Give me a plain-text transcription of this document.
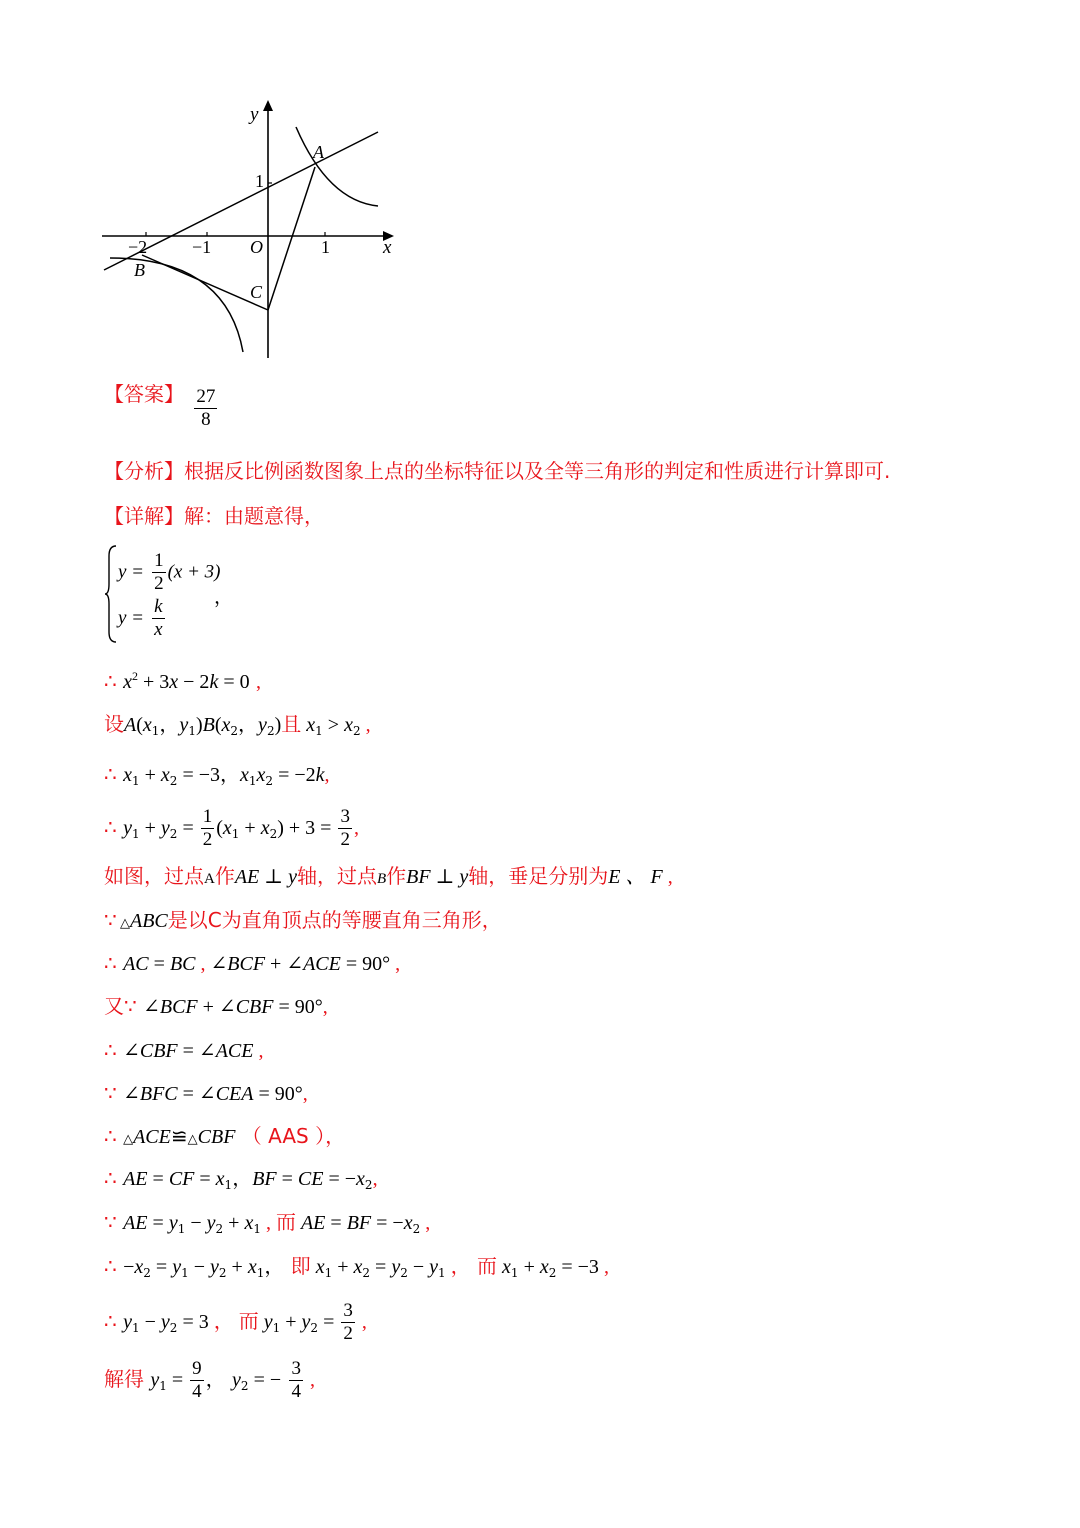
y
x
O
−2 −1	1
1
A
B
C
【答案】 $\frac{27}{8}$
【分析】根据反比例函数图象上点的坐标特征以及全等三角形的判定和性质进行计算即可.
【详解】解：由题意得，
$y = \frac{1}{2} (x + 3)$
$y = \frac{k}{x}$	，
∴ $x^2 + 3x - 2k = 0$ ,
设$A(x_1$，$y_1)B(x_2$，$y_2$)且 $x_1 > x_2$ ,
∴ $x_1 + x_2 = -3$，$x_1x_2 = -2k$,
∴ $y_1 + y_2 = \frac{1}{2} (x_1 + x_2) + 3 = \frac{3}{2}$ ,
如图，过点A作AE ⊥ y轴，过点B作BF ⊥ y轴，垂足分别为E 、 F ,
∵ △ABC是以C为直角顶点的等腰直角三角形，
∴ AC = BC , ∠BCF + ∠ACE = 90° ,
又∵ ∠BCF + ∠CBF = 90°,
∴ ∠CBF = ∠ACE ,
∵ ∠BFC = ∠CEA = 90°,
∴ △ACE≌△CBF （ AAS ），
∴ AE = CF = $x_1$，BF = CE = $-x_2$,
∵ AE = $y_1 - y_2 + x_1$ , 而 AE = BF = $-x_2$ ,
∴ $-x_2 = y_1 - y_2 + x_1$， 即 $x_1 + x_2 = y_2 - y_1$ ， 而 $x_1 + x_2 = -3$ ,
∴ $y_1 - y_2 = 3$ ， 而 $y_1 + y_2 = \frac{3}{2}$ ,
解得 $y_1 = \frac{9}{4}$ ， $y_2$ = − $\frac{3}{4}$ ,
